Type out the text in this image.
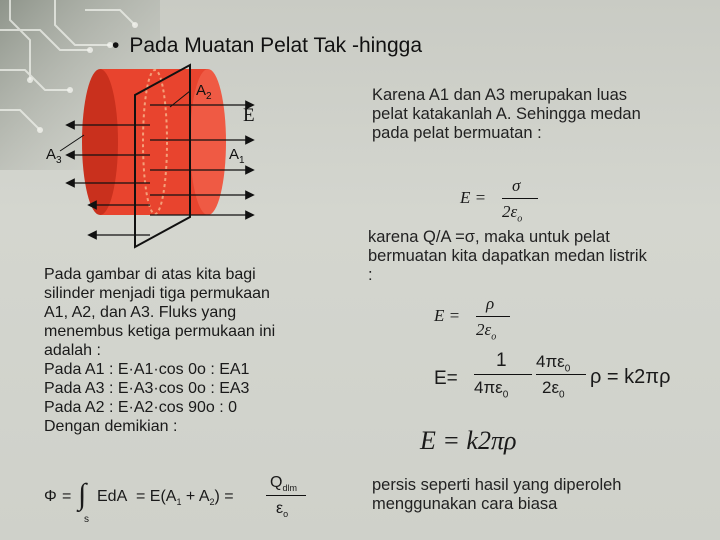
• Pada Muatan Pelat Tak -hingga
$A_2$
E
$A_3$	$A_1$
Pada gambar di atas kita bagi
silinder menjadi tiga permukaan
A1, A2, dan A3. Fluks yang
menembus ketiga permukaan ini
adalah :
Pada A1 : E·A1·cos 0o : EA1
Pada A3 : E·A3·cos 0o : EA3
Pada A2 : E·A2·cos 90o : 0
Dengan demikian :
Φ = ∫
s
EdA = $E(A_1 + A_2)$ =
$Q_{dlm}$
$\varepsilon_o$
Karena A1 dan A3 merupakan luas
pelat katakanlah A. Sehingga medan
pada pelat bermuatan :
E =
σ
$2\varepsilon_o$
karena Q/A =σ, maka untuk pelat
bermuatan kita dapatkan medan listrik
:
E =
ρ
$2\varepsilon_o$
E=
1
$4\pi\varepsilon_0$
$4\pi\varepsilon_0$
$2\varepsilon_0$
ρ = k2πρ
E = k2πρ
persis seperti hasil yang diperoleh
menggunakan cara biasa
